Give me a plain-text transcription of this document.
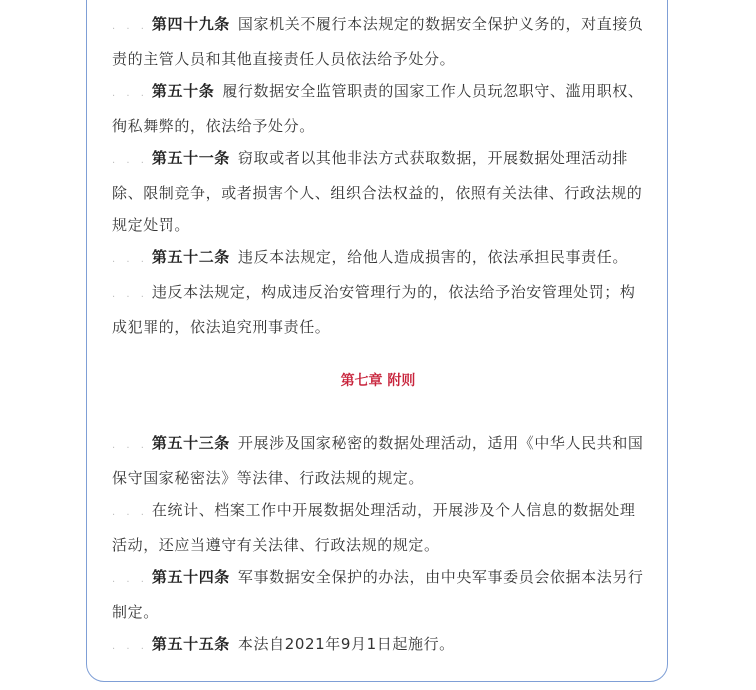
. . . 第四十九条 国家机关不履行本法规定的数据安全保护义务的，对直接负责的主管人员和其他直接责任人员依法给予处分。

. . . 第五十条 履行数据安全监管职责的国家工作人员玩忽职守、滥用职权、徇私舞弊的，依法给予处分。

. . . 第五十一条 窃取或者以其他非法方式获取数据，开展数据处理活动排除、限制竞争，或者损害个人、组织合法权益的，依照有关法律、行政法规的规定处罚。

. . . 第五十二条 违反本法规定，给他人造成损害的，依法承担民事责任。

. . . 违反本法规定，构成违反治安管理行为的，依法给予治安管理处罚；构成犯罪的，依法追究刑事责任。

第七章 附则

. . . 第五十三条 开展涉及国家秘密的数据处理活动，适用《中华人民共和国保守国家秘密法》等法律、行政法规的规定。

. . . 在统计、档案工作中开展数据处理活动，开展涉及个人信息的数据处理活动，还应当遵守有关法律、行政法规的规定。

. . . 第五十四条 军事数据安全保护的办法，由中央军事委员会依据本法另行制定。

. . . 第五十五条 本法自2021年9月1日起施行。
